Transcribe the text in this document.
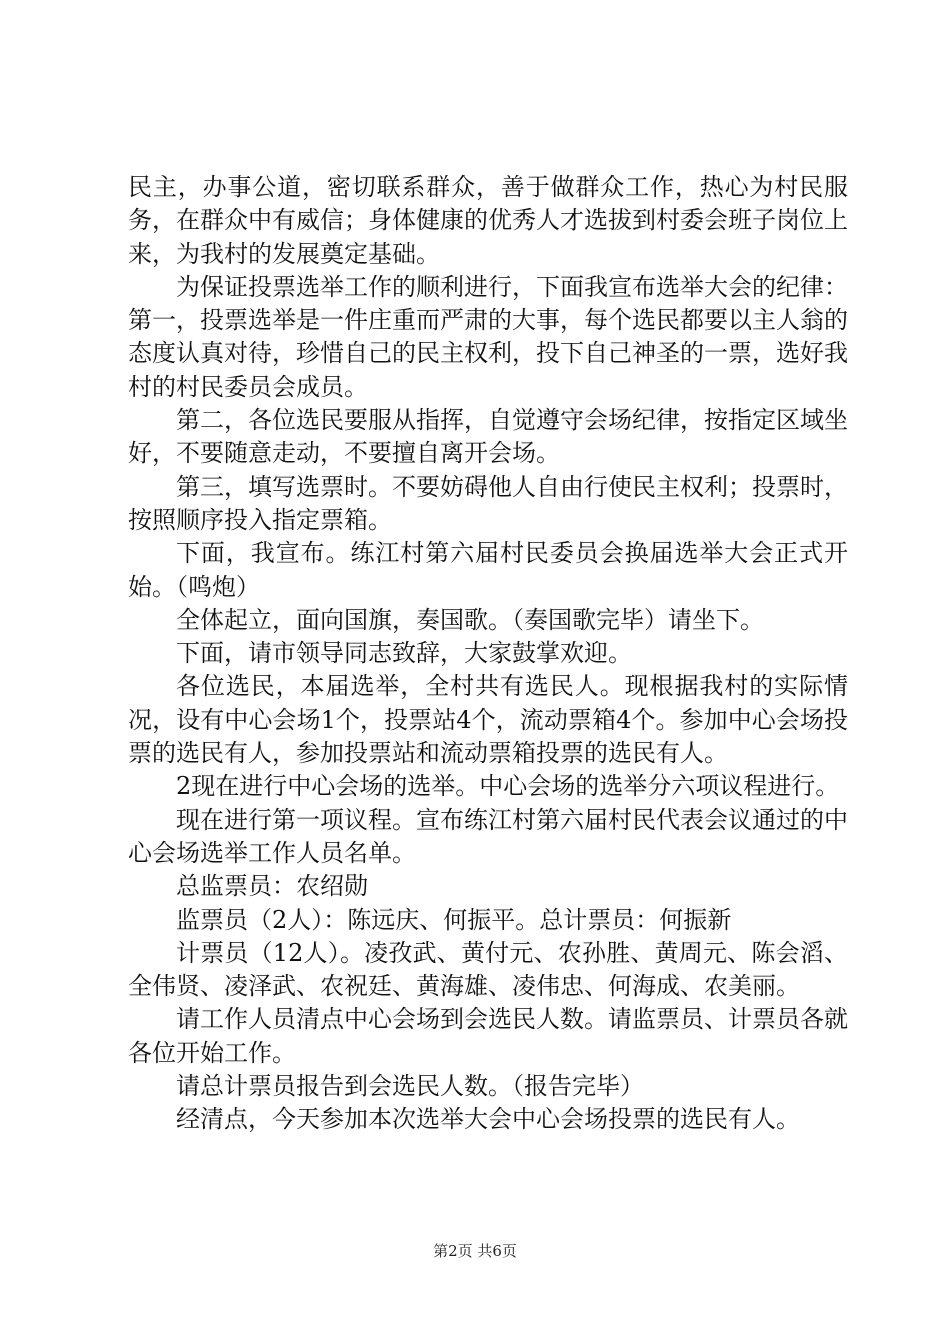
民主，办事公道，密切联系群众，善于做群众工作，热心为村民服务，在群众中有威信；身体健康的优秀人才选拔到村委会班子岗位上来，为我村的发展奠定基础。

为保证投票选举工作的顺利进行，下面我宣布选举大会的纪律：第一，投票选举是一件庄重而严肃的大事，每个选民都要以主人翁的态度认真对待，珍惜自己的民主权利，投下自己神圣的一票，选好我村的村民委员会成员。

第二，各位选民要服从指挥，自觉遵守会场纪律，按指定区域坐好，不要随意走动，不要擅自离开会场。

第三，填写选票时。不要妨碍他人自由行使民主权利；投票时，按照顺序投入指定票箱。

下面，我宣布。练江村第六届村民委员会换届选举大会正式开始。（鸣炮）

全体起立，面向国旗，奏国歌。（奏国歌完毕）请坐下。

下面，请市领导同志致辞，大家鼓掌欢迎。

各位选民，本届选举，全村共有选民人。现根据我村的实际情况，设有中心会场1个，投票站4个，流动票箱4个。参加中心会场投票的选民有人，参加投票站和流动票箱投票的选民有人。

2现在进行中心会场的选举。中心会场的选举分六项议程进行。

现在进行第一项议程。宣布练江村第六届村民代表会议通过的中心会场选举工作人员名单。

总监票员：农绍勋

监票员（2人）：陈远庆、何振平。总计票员：何振新

计票员（12人）。凌孜武、黄付元、农孙胜、黄周元、陈会滔、全伟贤、凌泽武、农祝廷、黄海雄、凌伟忠、何海成、农美丽。

请工作人员清点中心会场到会选民人数。请监票员、计票员各就各位开始工作。

请总计票员报告到会选民人数。（报告完毕）

经清点，今天参加本次选举大会中心会场投票的选民有人。

第2页 共6页
